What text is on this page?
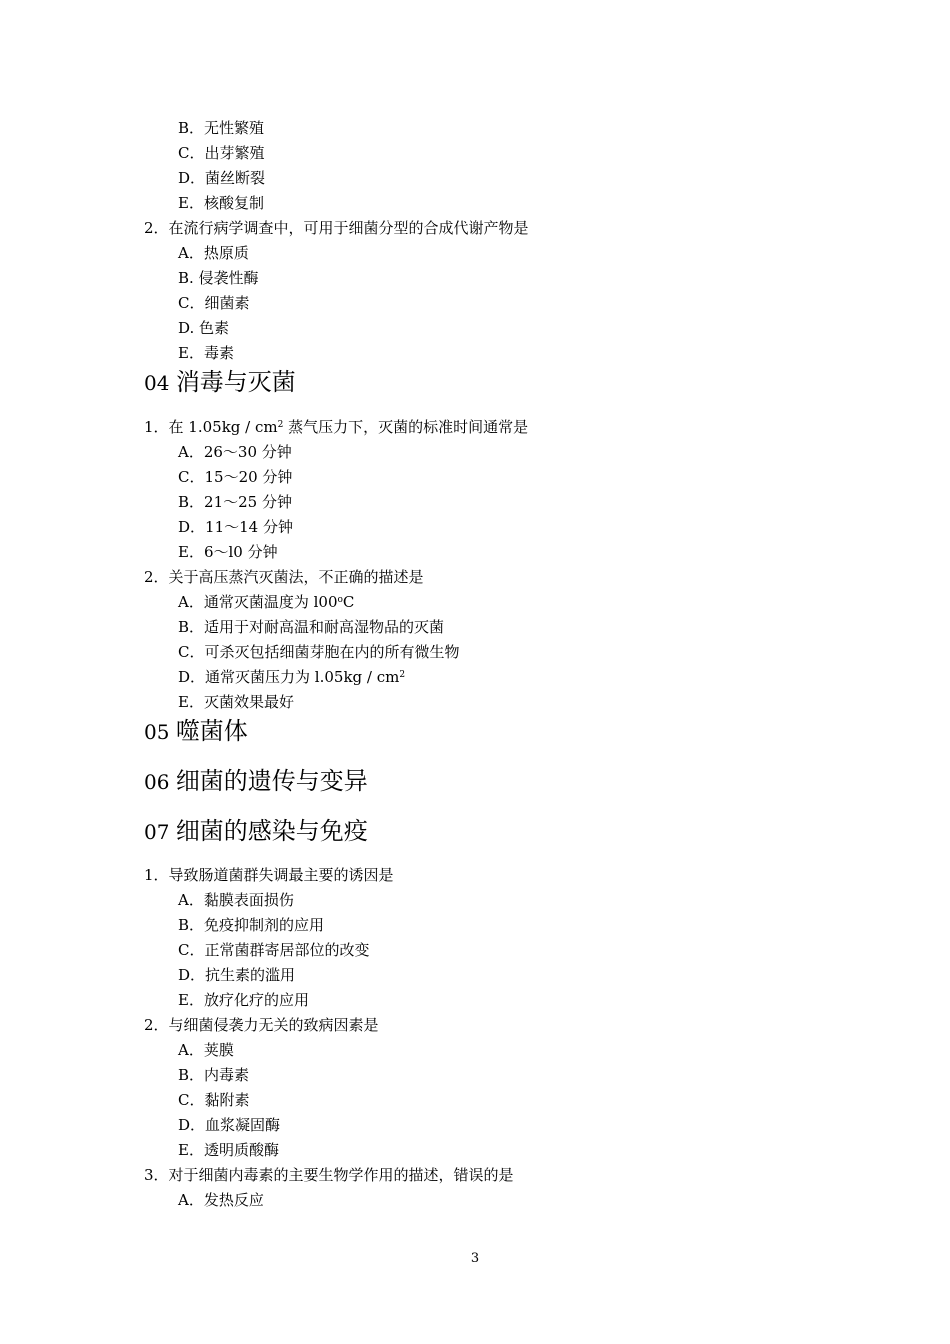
B．无性繁殖
C．出芽繁殖
D．菌丝断裂
E．核酸复制
2．在流行病学调查中，可用于细菌分型的合成代谢产物是
A．热原质
B. 侵袭性酶
C．细菌素
D. 色素
E．毒素
04 消毒与灭菌
1．在 $1.05kg / cm^2$ 蒸气压力下，灭菌的标准时间通常是
A．26～30 分钟
C．15～20 分钟
B．21～25 分钟
D．11～14 分钟
E．6～l0 分钟
2．关于高压蒸汽灭菌法，不正确的描述是
A．通常灭菌温度为 l00$^o$C
B．适用于对耐高温和耐高湿物品的灭菌
C．可杀灭包括细菌芽胞在内的所有微生物
D．通常灭菌压力为 $l.05kg / cm^2$
E．灭菌效果最好
05 噬菌体
06 细菌的遗传与变异
07 细菌的感染与免疫
1．导致肠道菌群失调最主要的诱因是
A．黏膜表面损伤
B．免疫抑制剂的应用
C．正常菌群寄居部位的改变
D．抗生素的滥用
E．放疗化疗的应用
2．与细菌侵袭力无关的致病因素是
A．荚膜
B．内毒素
C．黏附素
D．血浆凝固酶
E．透明质酸酶
3．对于细菌内毒素的主要生物学作用的描述，错误的是
A．发热反应
3
